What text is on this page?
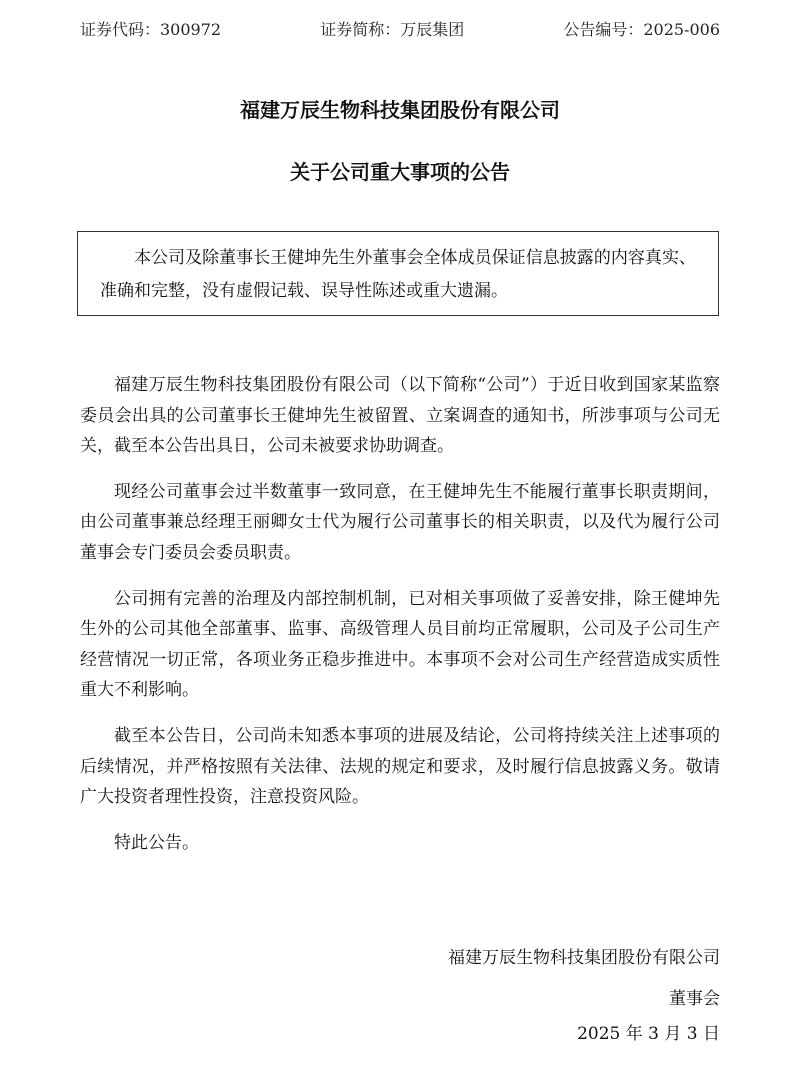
证券代码：300972	证券简称：万辰集团	公告编号：2025-006
福建万辰生物科技集团股份有限公司
关于公司重大事项的公告
本公司及除董事长王健坤先生外董事会全体成员保证信息披露的内容真实、准确和完整，没有虚假记载、误导性陈述或重大遗漏。

福建万辰生物科技集团股份有限公司（以下简称“公司”）于近日收到国家某监察委员会出具的公司董事长王健坤先生被留置、立案调查的通知书，所涉事项与公司无关，截至本公告出具日，公司未被要求协助调查。

现经公司董事会过半数董事一致同意，在王健坤先生不能履行董事长职责期间，由公司董事兼总经理王丽卿女士代为履行公司董事长的相关职责，以及代为履行公司董事会专门委员会委员职责。

公司拥有完善的治理及内部控制机制，已对相关事项做了妥善安排，除王健坤先生外的公司其他全部董事、监事、高级管理人员目前均正常履职，公司及子公司生产经营情况一切正常，各项业务正稳步推进中。本事项不会对公司生产经营造成实质性重大不利影响。

截至本公告日，公司尚未知悉本事项的进展及结论，公司将持续关注上述事项的后续情况，并严格按照有关法律、法规的规定和要求，及时履行信息披露义务。敬请广大投资者理性投资，注意投资风险。

特此公告。

福建万辰生物科技集团股份有限公司
董事会
2025 年 3 月 3 日
